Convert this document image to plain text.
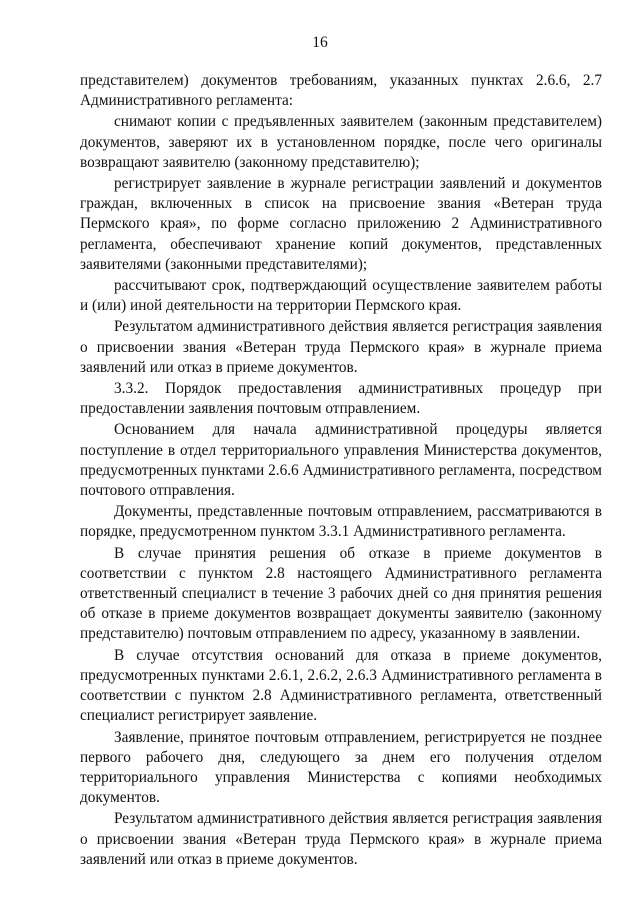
16

представителем) документов требованиям, указанных пунктах 2.6.6, 2.7 Административного регламента:

снимают копии с предъявленных заявителем (законным представителем) документов, заверяют их в установленном порядке, после чего оригиналы возвращают заявителю (законному представителю);

регистрирует заявление в журнале регистрации заявлений и документов граждан, включенных в список на присвоение звания «Ветеран труда Пермского края», по форме согласно приложению 2 Административного регламента, обеспечивают хранение копий документов, представленных заявителями (законными представителями);

рассчитывают срок, подтверждающий осуществление заявителем работы и (или) иной деятельности на территории Пермского края.

Результатом административного действия является регистрация заявления о присвоении звания «Ветеран труда Пермского края» в журнале приема заявлений или отказ в приеме документов.

3.3.2. Порядок предоставления административных процедур при предоставлении заявления почтовым отправлением.

Основанием для начала административной процедуры является поступление в отдел территориального управления Министерства документов, предусмотренных пунктами 2.6.6 Административного регламента, посредством почтового отправления.

Документы, представленные почтовым отправлением, рассматриваются в порядке, предусмотренном пунктом 3.3.1 Административного регламента.

В случае принятия решения об отказе в приеме документов в соответствии с пунктом 2.8 настоящего Административного регламента ответственный специалист в течение 3 рабочих дней со дня принятия решения об отказе в приеме документов возвращает документы заявителю (законному представителю) почтовым отправлением по адресу, указанному в заявлении.

В случае отсутствия оснований для отказа в приеме документов, предусмотренных пунктами 2.6.1, 2.6.2, 2.6.3 Административного регламента в соответствии с пунктом 2.8 Административного регламента, ответственный специалист регистрирует заявление.

Заявление, принятое почтовым отправлением, регистрируется не позднее первого рабочего дня, следующего за днем его получения отделом территориального управления Министерства с копиями необходимых документов.

Результатом административного действия является регистрация заявления о присвоении звания «Ветеран труда Пермского края» в журнале приема заявлений или отказ в приеме документов.
